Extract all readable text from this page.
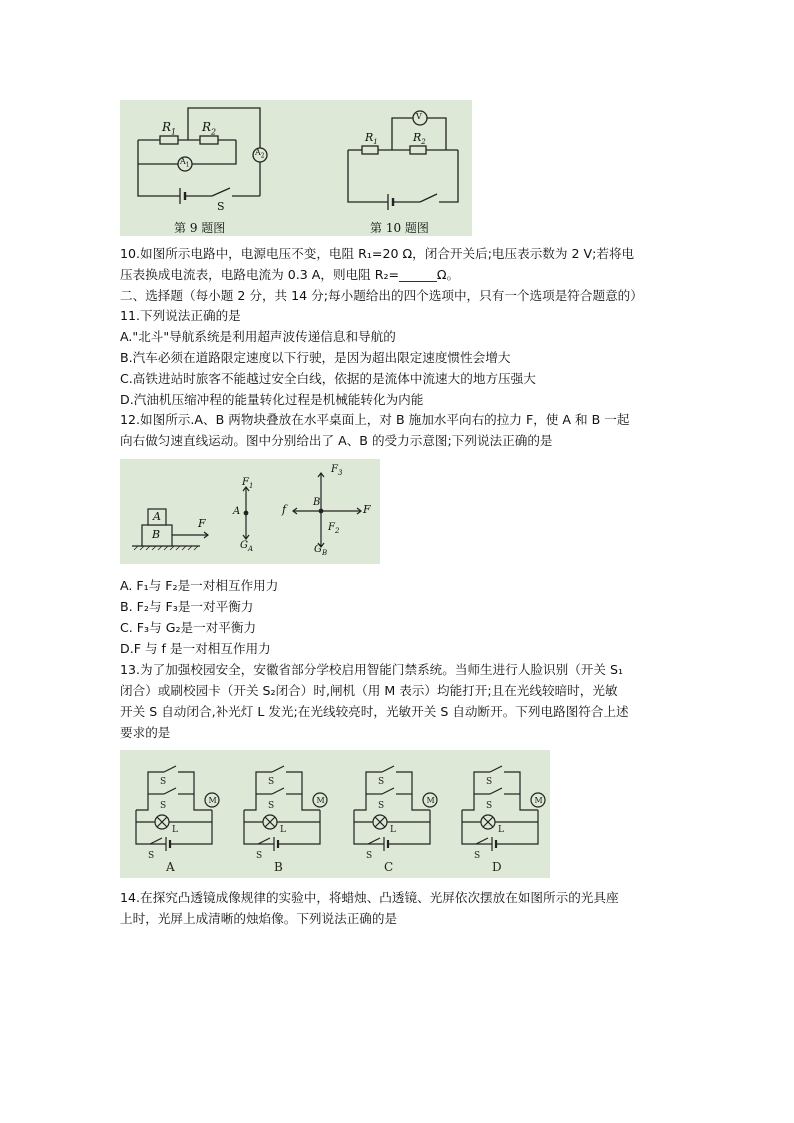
$R_1$ $R_2$
$A_1$
$A_2$
S
第 9 题图
$R_1$	$R_2$
V
第 10 题图
10.如图所示电路中，电源电压不变，电阻 R₁=20 Ω，闭合开关后;电压表示数为 2 V;若将电
压表换成电流表，电路电流为 0.3 A，则电阻 R₂=______Ω。
二、选择题（每小题 2 分，共 14 分;每小题给出的四个选项中，只有一个选项是符合题意的）
11.下列说法正确的是
A."北斗"导航系统是利用超声波传递信息和导航的
B.汽车必须在道路限定速度以下行驶，是因为超出限定速度惯性会增大
C.高铁进站时旅客不能越过安全白线，依据的是流体中流速大的地方压强大
D.汽油机压缩冲程的能量转化过程是机械能转化为内能
12.如图所示.A、B 两物块叠放在水平桌面上，对 B 施加水平向右的拉力 F，使 A 和 B 一起
向右做匀速直线运动。图中分别给出了 A、B 的受力示意图;下列说法正确的是
A
B
F
$F_1$
A
$G_A$
$F_3$
B
f	F
$F_2$
$G_B$
A. F₁与 F₂是一对相互作用力
B. F₂与 F₃是一对平衡力
C. F₃与 G₂是一对平衡力
D.F 与 f 是一对相互作用力
13.为了加强校园安全，安徽省部分学校启用智能门禁系统。当师生进行人脸识别（开关 S₁
闭合）或刷校园卡（开关 S₂闭合）时,闸机（用 M 表示）均能打开;且在光线较暗时，光敏
开关 S 自动闭合,补光灯 L 发光;在光线较亮时，光敏开关 S 自动断开。下列电路图符合上述
要求的是
M
S
S
L
S
A
M
S
S
L
S
B
M
S
S
L
S
C
M
S
S
L
S
D
14.在探究凸透镜成像规律的实验中，将蜡烛、凸透镜、光屏依次摆放在如图所示的光具座
上时，光屏上成清晰的烛焰像。下列说法正确的是
